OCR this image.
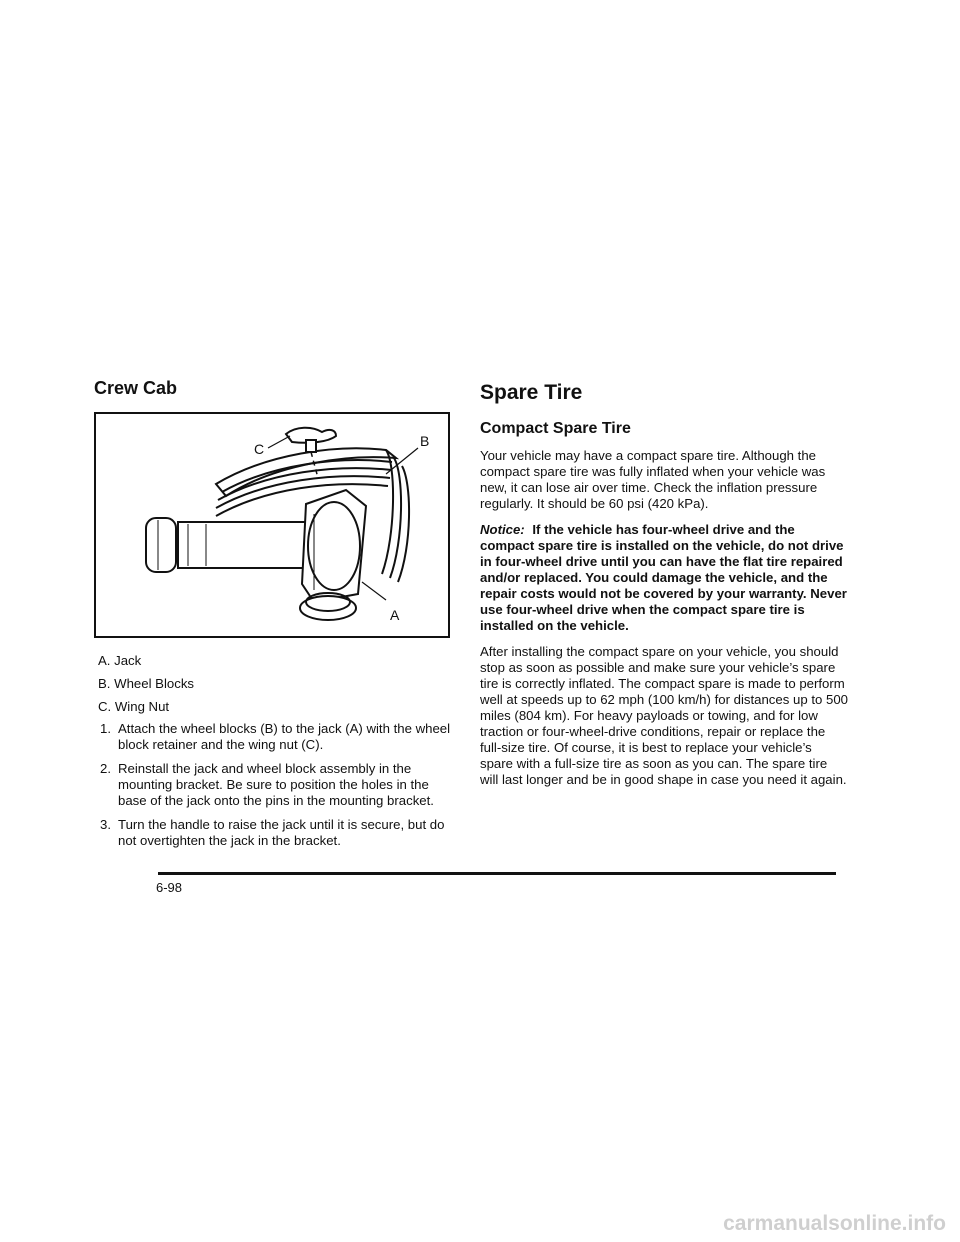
Crew Cab
C	B
A
A. Jack
B. Wheel Blocks
C. Wing Nut
1. Attach the wheel blocks (B) to the jack (A) with the wheel block retainer and the wing nut (C).
2. Reinstall the jack and wheel block assembly in the mounting bracket. Be sure to position the holes in the base of the jack onto the pins in the mounting bracket.
3. Turn the handle to raise the jack until it is secure, but do not overtighten the jack in the bracket.
Spare Tire
Compact Spare Tire

Your vehicle may have a compact spare tire. Although the compact spare tire was fully inflated when your vehicle was new, it can lose air over time. Check the inflation pressure regularly. It should be 60 psi (420 kPa).

Notice: If the vehicle has four-wheel drive and the compact spare tire is installed on the vehicle, do not drive in four-wheel drive until you can have the flat tire repaired and/or replaced. You could damage the vehicle, and the repair costs would not be covered by your warranty. Never use four-wheel drive when the compact spare tire is installed on the vehicle.

After installing the compact spare on your vehicle, you should stop as soon as possible and make sure your vehicle’s spare tire is correctly inflated. The compact spare is made to perform well at speeds up to 62 mph (100 km/h) for distances up to 500 miles (804 km). For heavy payloads or towing, and for low traction or four-wheel-drive conditions, repair or replace the full-size tire. Of course, it is best to replace your vehicle’s spare with a full-size tire as soon as you can. The spare tire will last longer and be in good shape in case you need it again.

6-98
carmanualsonline.info
